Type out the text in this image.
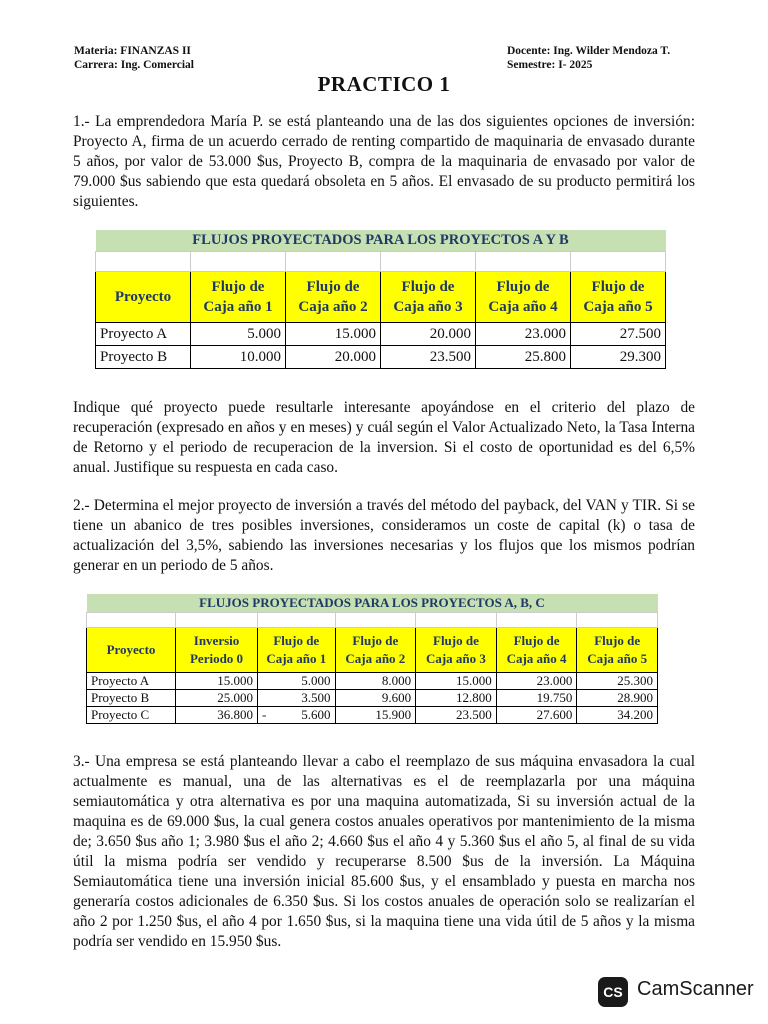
Materia: FINANZAS II
Carrera: Ing. Comercial
Docente: Ing. Wilder Mendoza T.
Semestre: I- 2025
PRACTICO 1
1.- La emprendedora María P. se está planteando una de las dos siguientes opciones de inversión: Proyecto A, firma de un acuerdo cerrado de renting compartido de maquinaria de envasado durante 5 años, por valor de 53.000 $us, Proyecto B, compra de la maquinaria de envasado por valor de 79.000 $us sabiendo que esta quedará obsoleta en 5 años. El envasado de su producto permitirá los siguientes.
FLUJOS PROYECTADOS PARA LOS PROYECTOS A Y B					

Proyecto	Flujo de Caja año 1	Flujo de Caja año 2	Flujo de Caja año 3	Flujo de Caja año 4	Flujo de Caja año 5
Proyecto A	5.000	15.000	20.000	23.000	27.500
Proyecto B	10.000	20.000	23.500	25.800	29.300
Indique qué proyecto puede resultarle interesante apoyándose en el criterio del plazo de recuperación (expresado en años y en meses) y cuál según el Valor Actualizado Neto, la Tasa Interna de Retorno y el periodo de recuperacion de la inversion. Si el costo de oportunidad es del 6,5% anual. Justifique su respuesta en cada caso.
2.- Determina el mejor proyecto de inversión a través del método del payback, del VAN y TIR. Si se tiene un abanico de tres posibles inversiones, consideramos un coste de capital (k) o tasa de actualización del 3,5%, sabiendo las inversiones necesarias y los flujos que los mismos podrían generar en un periodo de 5 años.
FLUJOS PROYECTADOS PARA LOS PROYECTOS A, B, C						

Proyecto	Inversio Periodo 0	Flujo de Caja año 1	Flujo de Caja año 2	Flujo de Caja año 3	Flujo de Caja año 4	Flujo de Caja año 5
Proyecto A	15.000	5.000	8.000	15.000	23.000	25.300
Proyecto B	25.000	3.500	9.600	12.800	19.750	28.900
Proyecto C	36.800	- 5.600	15.900	23.500	27.600	34.200
3.- Una empresa se está planteando llevar a cabo el reemplazo de sus máquina envasadora la cual actualmente es manual, una de las alternativas es el de reemplazarla por una máquina semiautomática y otra alternativa es por una maquina automatizada, Si su inversión actual de la maquina es de 69.000 $us, la cual genera costos anuales operativos por mantenimiento de la misma de; 3.650 $us año 1; 3.980 $us el año 2; 4.660 $us el año 4 y 5.360 $us el año 5, al final de su vida útil la misma podría ser vendido y recuperarse 8.500 $us de la inversión. La Máquina Semiautomática tiene una inversión inicial 85.600 $us, y el ensamblado y puesta en marcha nos generaría costos adicionales de 6.350 $us. Si los costos anuales de operación solo se realizarían el año 2 por 1.250 $us, el año 4 por 1.650 $us, si la maquina tiene una vida útil de 5 años y la misma podría ser vendido en 15.950 $us.
CS CamScanner
